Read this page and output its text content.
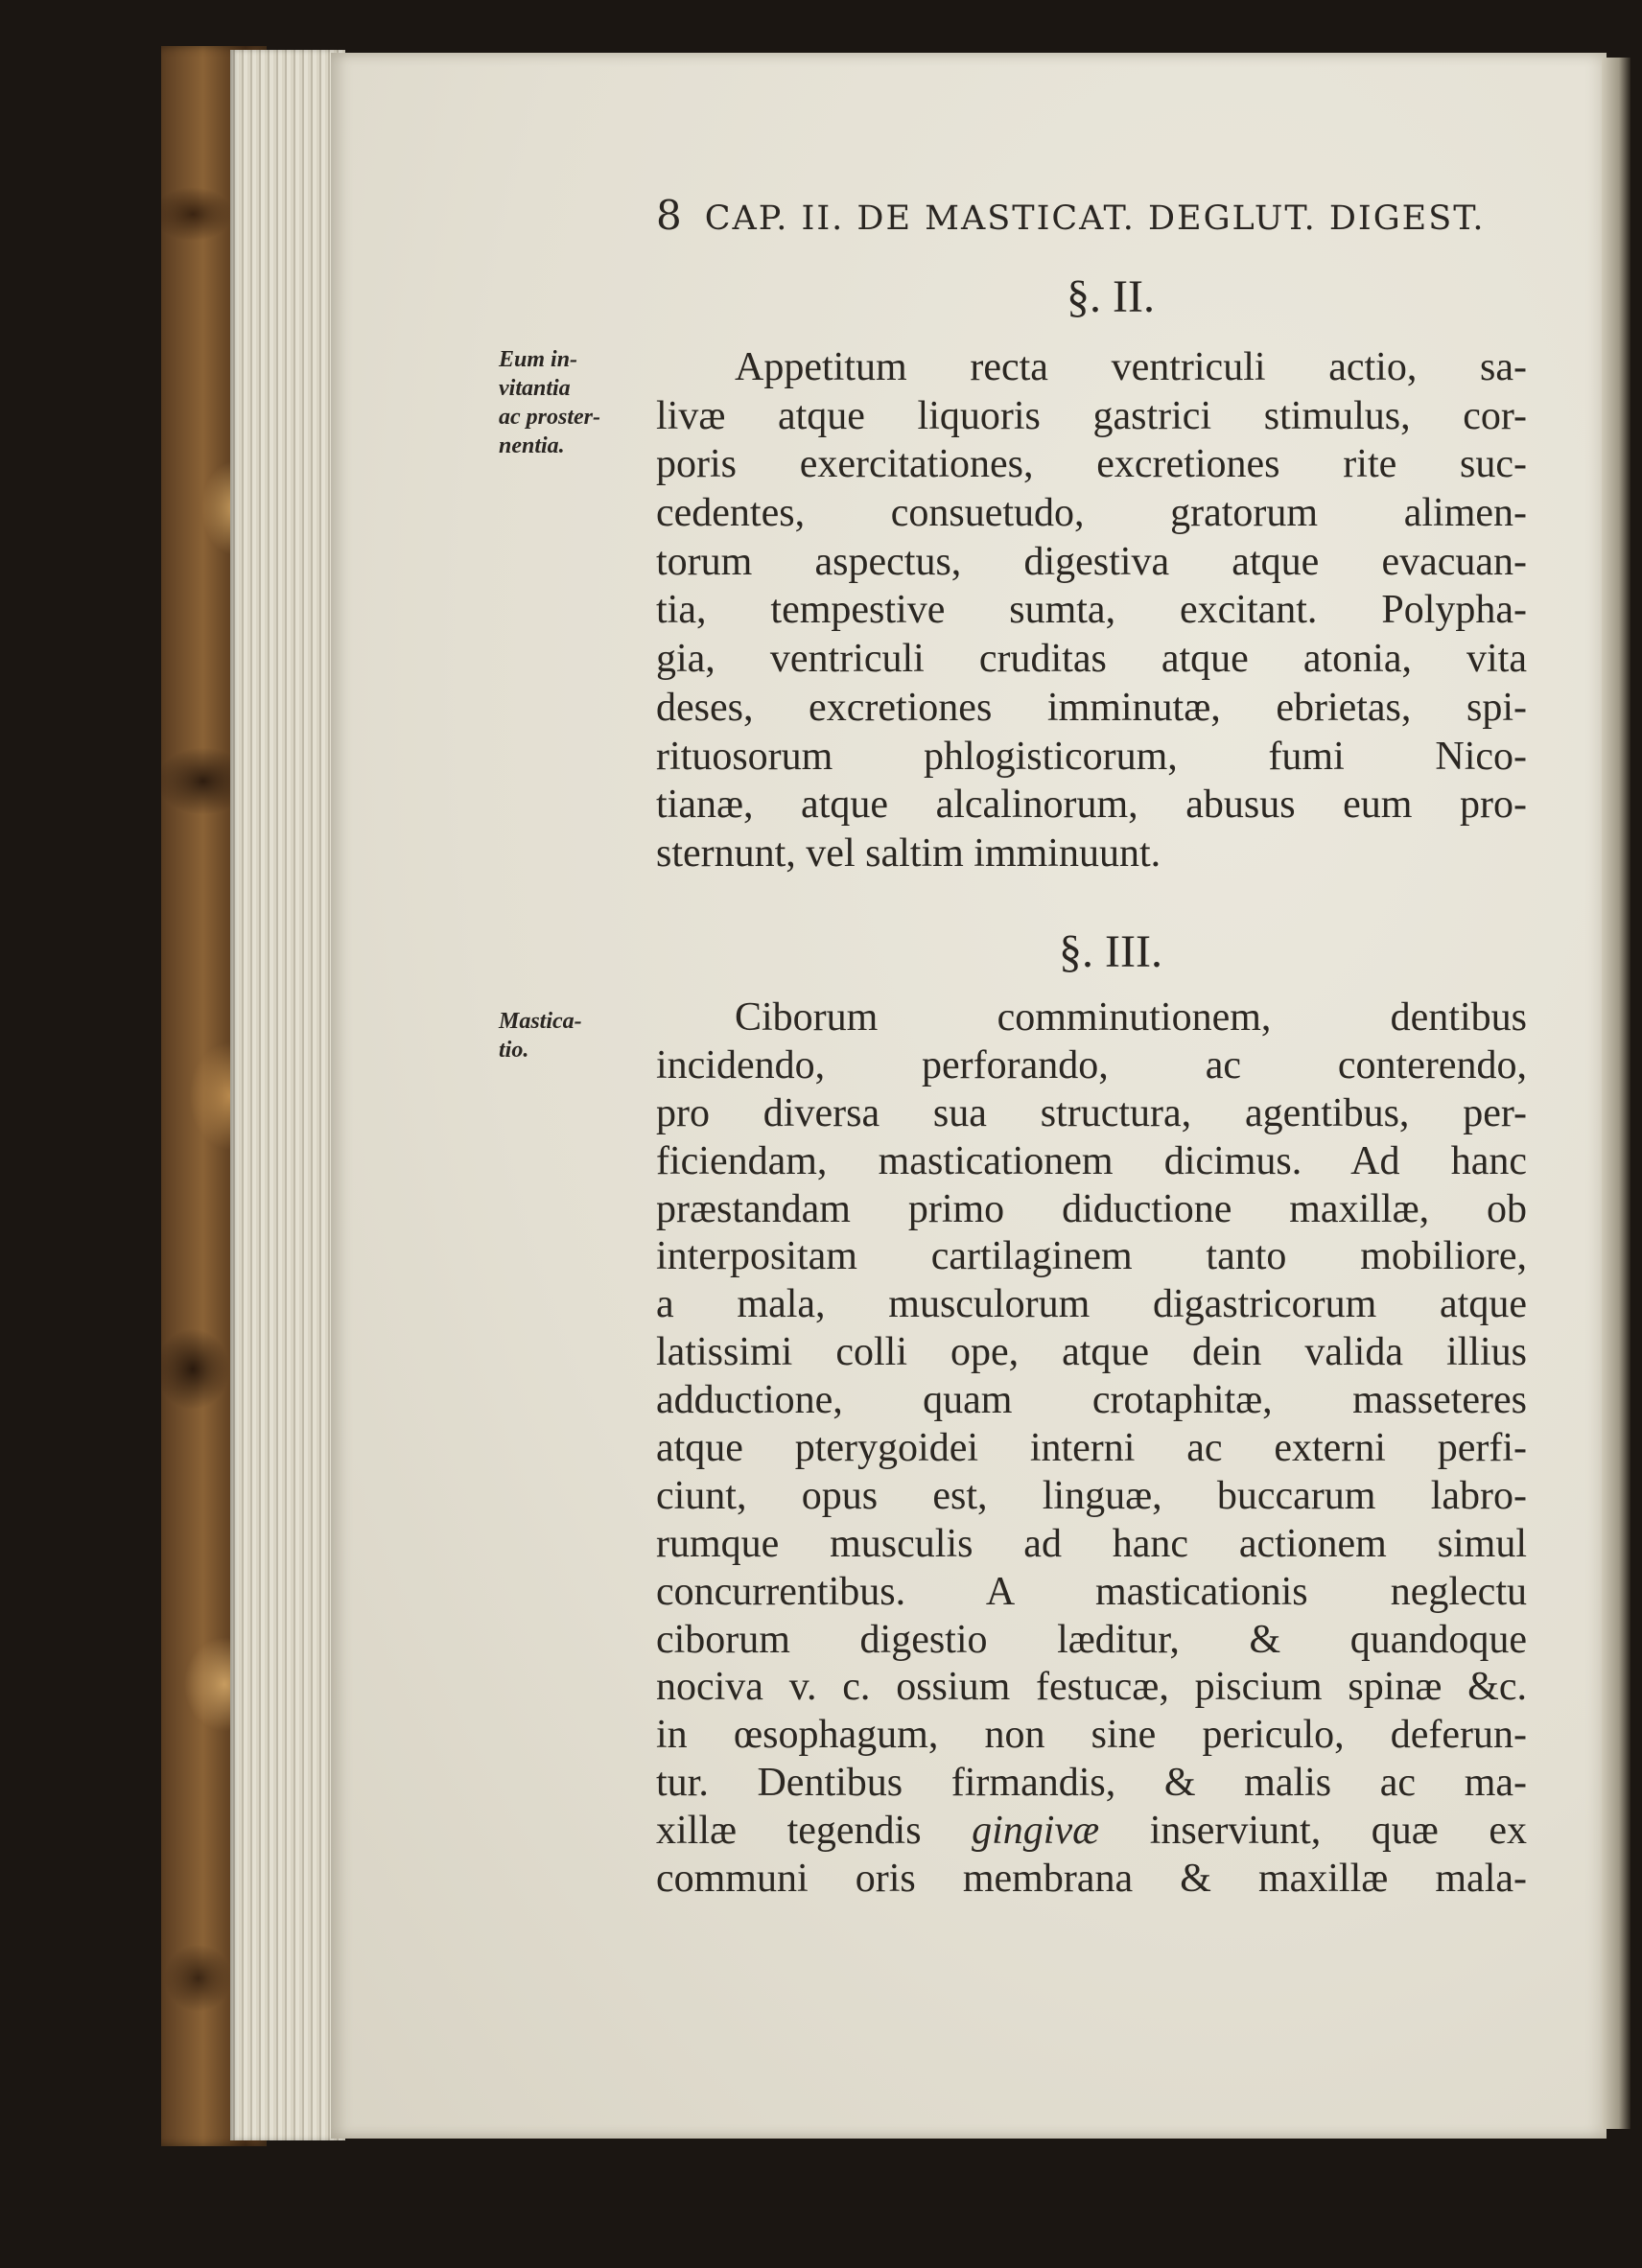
8 CAP. II. DE MASTICAT. DEGLUT. DIGEST.
§. II.
Eum in-
vitantia
ac proster-
nentia.
Appetitum recta ventriculi actio, sa-
livæ atque liquoris gastrici stimulus, cor-
poris exercitationes, excretiones rite suc-
cedentes, consuetudo, gratorum alimen-
torum aspectus, digestiva atque evacuan-
tia, tempestive sumta, excitant. Polypha-
gia, ventriculi cruditas atque atonia, vita
deses, excretiones imminutæ, ebrietas, spi-
rituosorum phlogisticorum, fumi Nico-
tianæ, atque alcalinorum, abusus eum pro-
sternunt, vel saltim imminuunt.
§. III.
Mastica-
tio.
Ciborum comminutionem, dentibus
incidendo, perforando, ac conterendo,
pro diversa sua structura, agentibus, per-
ficiendam, masticationem dicimus. Ad hanc
præstandam primo diductione maxillæ, ob
interpositam cartilaginem tanto mobiliore,
a mala, musculorum digastricorum atque
latissimi colli ope, atque dein valida illius
adductione, quam crotaphitæ, masseteres
atque pterygoidei interni ac externi perfi-
ciunt, opus est, linguæ, buccarum labro-
rumque musculis ad hanc actionem simul
concurrentibus. A masticationis neglectu
ciborum digestio læditur, & quandoque
nociva v. c. ossium festucæ, piscium spinæ &c.
in œsophagum, non sine periculo, deferun-
tur. Dentibus firmandis, & malis ac ma-
xillæ tegendis gingivæ inserviunt, quæ ex
communi oris membrana & maxillæ mala-
